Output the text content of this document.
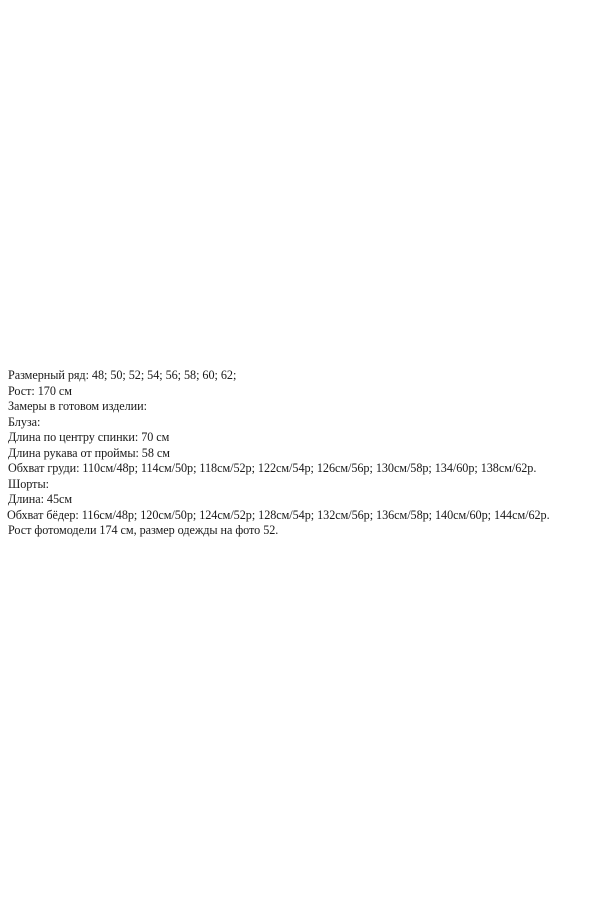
Размерный ряд: 48; 50; 52; 54; 56; 58; 60; 62;
Рост: 170 см
Замеры в готовом изделии:
Блуза:
Длина по центру спинки: 70 см
Длина рукава от проймы: 58 см
Обхват груди: 110см/48р; 114см/50р; 118см/52р; 122см/54р; 126см/56р; 130см/58р; 134/60р; 138см/62р.
Шорты:
Длина: 45см
Обхват бёдер: 116см/48р; 120см/50р; 124см/52р; 128см/54р; 132см/56р; 136см/58р; 140см/60р; 144см/62р.
Рост фотомодели 174 см, размер одежды на фото 52.
